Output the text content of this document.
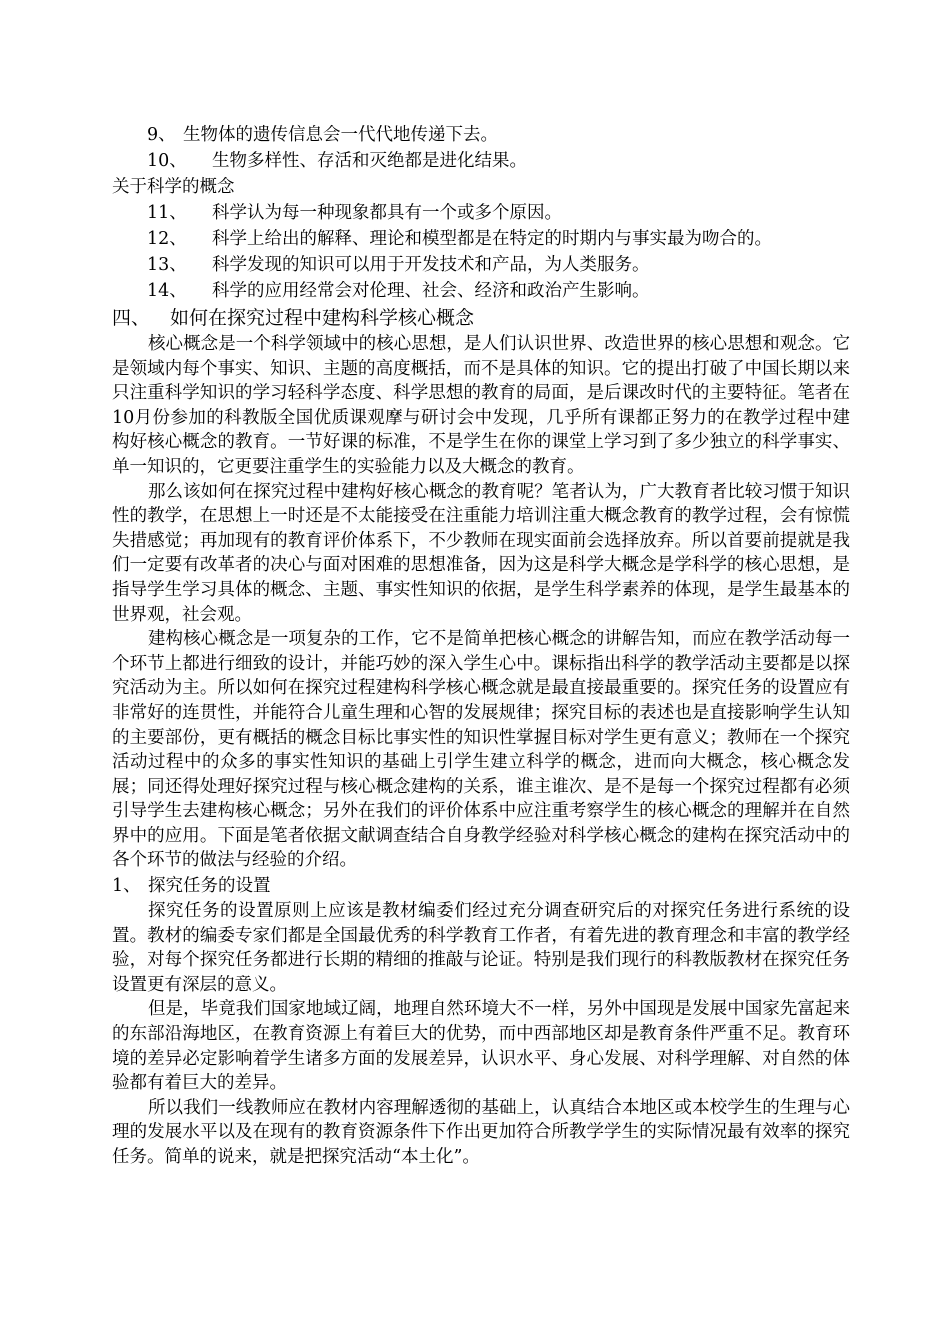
9、 生物体的遗传信息会一代代地传递下去。
10、 生物多样性、存活和灭绝都是进化结果。
关于科学的概念
11、 科学认为每一种现象都具有一个或多个原因。
12、 科学上给出的解释、理论和模型都是在特定的时期内与事实最为吻合的。
13、 科学发现的知识可以用于开发技术和产品，为人类服务。
14、 科学的应用经常会对伦理、社会、经济和政治产生影响。
四、 如何在探究过程中建构科学核心概念

核心概念是一个科学领域中的核心思想，是人们认识世界、改造世界的核心思想和观念。它是领域内每个事实、知识、主题的高度概括，而不是具体的知识。它的提出打破了中国长期以来只注重科学知识的学习轻科学态度、科学思想的教育的局面，是后课改时代的主要特征。笔者在10月份参加的科教版全国优质课观摩与研讨会中发现，几乎所有课都正努力的在教学过程中建构好核心概念的教育。一节好课的标准，不是学生在你的课堂上学习到了多少独立的科学事实、单一知识的，它更要注重学生的实验能力以及大概念的教育。

那么该如何在探究过程中建构好核心概念的教育呢？笔者认为，广大教育者比较习惯于知识性的教学，在思想上一时还是不太能接受在注重能力培训注重大概念教育的教学过程，会有惊慌失措感觉；再加现有的教育评价体系下，不少教师在现实面前会选择放弃。所以首要前提就是我们一定要有改革者的决心与面对困难的思想准备，因为这是科学大概念是学科学的核心思想，是指导学生学习具体的概念、主题、事实性知识的依据，是学生科学素养的体现，是学生最基本的世界观，社会观。

建构核心概念是一项复杂的工作，它不是简单把核心概念的讲解告知，而应在教学活动每一个环节上都进行细致的设计，并能巧妙的深入学生心中。课标指出科学的教学活动主要都是以探究活动为主。所以如何在探究过程建构科学核心概念就是最直接最重要的。探究任务的设置应有非常好的连贯性，并能符合儿童生理和心智的发展规律；探究目标的表述也是直接影响学生认知的主要部份，更有概括的概念目标比事实性的知识性掌握目标对学生更有意义；教师在一个探究活动过程中的众多的事实性知识的基础上引学生建立科学的概念，进而向大概念，核心概念发展；同还得处理好探究过程与核心概念建构的关系，谁主谁次、是不是每一个探究过程都有必须引导学生去建构核心概念；另外在我们的评价体系中应注重考察学生的核心概念的理解并在自然界中的应用。下面是笔者依据文献调查结合自身教学经验对科学核心概念的建构在探究活动中的各个环节的做法与经验的介绍。

1、 探究任务的设置

探究任务的设置原则上应该是教材编委们经过充分调查研究后的对探究任务进行系统的设置。教材的编委专家们都是全国最优秀的科学教育工作者，有着先进的教育理念和丰富的教学经验，对每个探究任务都进行长期的精细的推敲与论证。特别是我们现行的科教版教材在探究任务设置更有深层的意义。

但是，毕竟我们国家地域辽阔，地理自然环境大不一样，另外中国现是发展中国家先富起来的东部沿海地区，在教育资源上有着巨大的优势，而中西部地区却是教育条件严重不足。教育环境的差异必定影响着学生诸多方面的发展差异，认识水平、身心发展、对科学理解、对自然的体验都有着巨大的差异。

所以我们一线教师应在教材内容理解透彻的基础上，认真结合本地区或本校学生的生理与心理的发展水平以及在现有的教育资源条件下作出更加符合所教学学生的实际情况最有效率的探究任务。简单的说来，就是把探究活动“本土化”。
